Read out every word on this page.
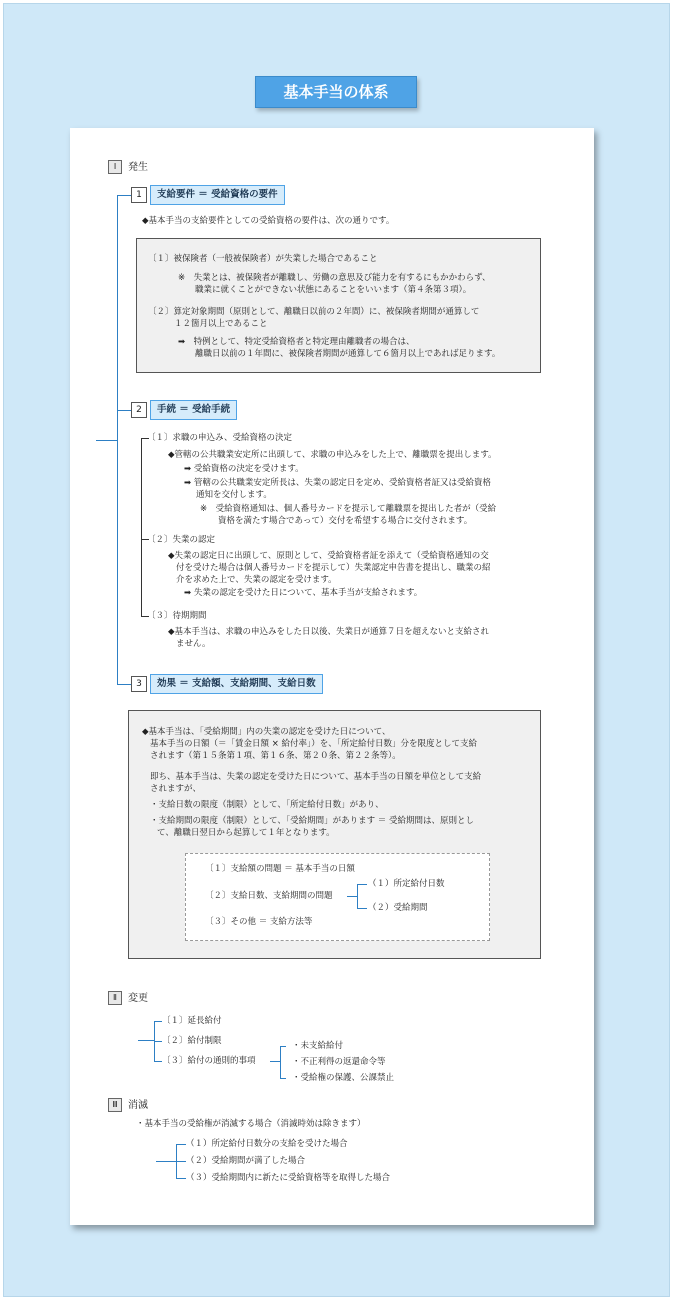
基本手当の体系
Ⅰ 発生
1	支給要件 ＝ 受給資格の要件
◆基本手当の支給要件としての受給資格の要件は、次の通りです。
〔１〕被保険者（一般被保険者）が失業した場合であること
※　失業とは、被保険者が離職し、労働の意思及び能力を有するにもかかわらず、
職業に就くことができない状態にあることをいいます（第４条第３項）。
〔２〕算定対象期間（原則として、離職日以前の２年間）に、被保険者期間が通算して
１２箇月以上であること
➡　特例として、特定受給資格者と特定理由離職者の場合は、
離職日以前の１年間に、被保険者期間が通算して６箇月以上であれば足ります。
2	手続 ＝ 受給手続
〔１〕求職の申込み、受給資格の決定
◆管轄の公共職業安定所に出頭して、求職の申込みをした上で、離職票を提出します。
➡ 受給資格の決定を受けます。
➡ 管轄の公共職業安定所長は、失業の認定日を定め、受給資格者証又は受給資格
通知を交付します。
※　受給資格通知は、個人番号カードを提示して離職票を提出した者が（受給
資格を満たす場合であって）交付を希望する場合に交付されます。
〔２〕失業の認定
◆失業の認定日に出頭して、原則として、受給資格者証を添えて（受給資格通知の交
付を受けた場合は個人番号カードを提示して）失業認定申告書を提出し、職業の紹
介を求めた上で、失業の認定を受けます。
➡ 失業の認定を受けた日について、基本手当が支給されます。
〔３〕待期期間
◆基本手当は、求職の申込みをした日以後、失業日が通算７日を超えないと支給され
ません。
3	効果 ＝ 支給額、支給期間、支給日数
◆基本手当は、「受給期間」内の失業の認定を受けた日について、
基本手当の日額（＝「賃金日額 × 給付率」）を、「所定給付日数」分を限度として支給
されます（第１５条第１項、第１６条、第２０条、第２２条等）。
即ち、基本手当は、失業の認定を受けた日について、基本手当の日額を単位として支給
されますが、
・支給日数の限度（制限）として、「所定給付日数」があり、
・支給期間の限度（制限）として、「受給期間」があります ＝ 受給期間は、原則とし
て、離職日翌日から起算して１年となります。
〔１〕支給額の問題 ＝ 基本手当の日額
〔２〕支給日数、支給期間の問題
〔３〕その他 ＝ 支給方法等
（１）所定給付日数
（２）受給期間
Ⅱ 変更
〔１〕延長給付
〔２〕給付制限
〔３〕給付の通則的事項
・未支給給付
・不正利得の返還命令等
・受給権の保護、公課禁止
Ⅲ 消滅
・基本手当の受給権が消滅する場合（消滅時効は除きます）
（１）所定給付日数分の支給を受けた場合
（２）受給期間が満了した場合
（３）受給期間内に新たに受給資格等を取得した場合
